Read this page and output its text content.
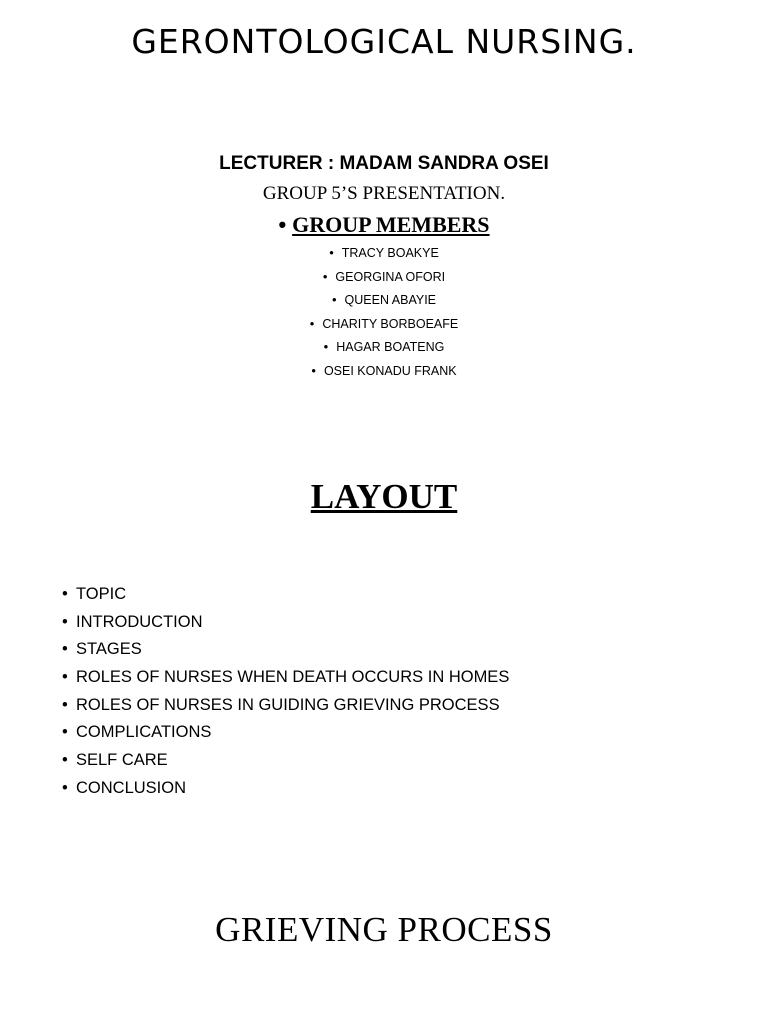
GERONTOLOGICAL NURSING.
LECTURER : MADAM SANDRA OSEI
GROUP 5’S PRESENTATION.
• GROUP MEMBERS
• TRACY BOAKYE
• GEORGINA OFORI
• QUEEN ABAYIE
• CHARITY BORBOEAFE
• HAGAR BOATENG
• OSEI KONADU FRANK
LAYOUT
• TOPIC
• INTRODUCTION
• STAGES
• ROLES OF NURSES WHEN DEATH OCCURS IN HOMES
• ROLES OF NURSES IN GUIDING GRIEVING PROCESS
• COMPLICATIONS
• SELF CARE
• CONCLUSION
GRIEVING PROCESS
